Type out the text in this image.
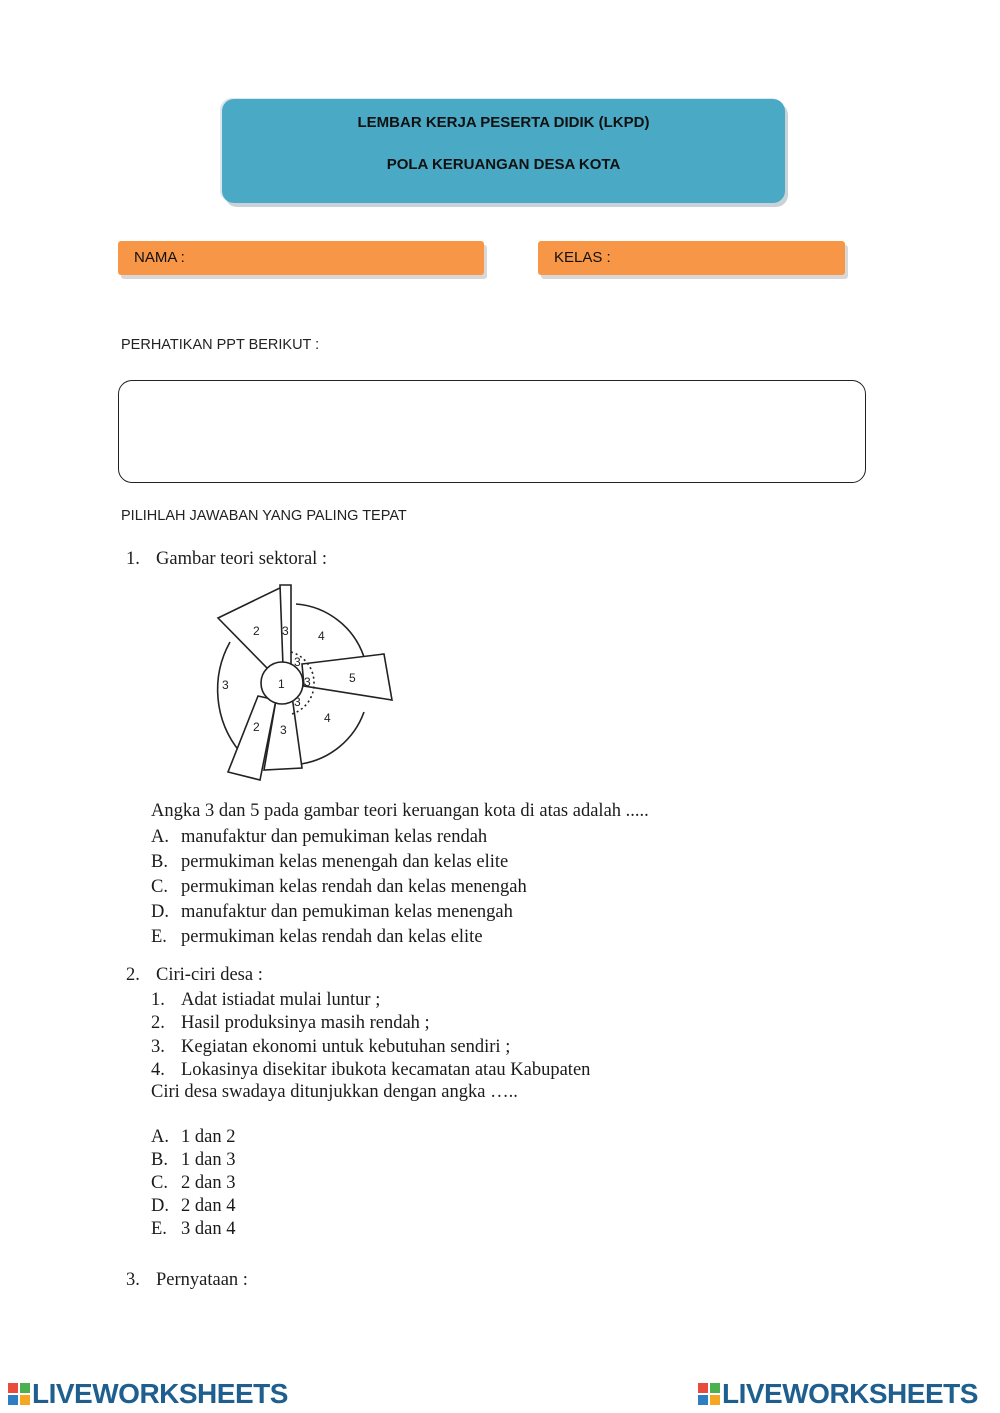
LEMBAR KERJA PESERTA DIDIK (LKPD)
POLA KERUANGAN DESA KOTA
NAMA :	KELAS :
PERHATIKAN PPT BERIKUT :
PILIHLAH JAWABAN YANG PALING TEPAT
1. Gambar teori sektoral :
1
2 3 4
3
3
3	5
3
4
2 3
Angka 3 dan 5 pada gambar teori keruangan kota di atas adalah .....
A. manufaktur dan pemukiman kelas rendah
B. permukiman kelas menengah dan kelas elite
C. permukiman kelas rendah dan kelas menengah
D. manufaktur dan pemukiman kelas menengah
E. permukiman kelas rendah dan kelas elite
2. Ciri-ciri desa :
1. Adat istiadat mulai luntur ;
2. Hasil produksinya masih rendah ;
3. Kegiatan ekonomi untuk kebutuhan sendiri ;
4. Lokasinya disekitar ibukota kecamatan atau Kabupaten
Ciri desa swadaya ditunjukkan dengan angka …..
A. 1 dan 2
B. 1 dan 3
C. 2 dan 3
D. 2 dan 4
E. 3 dan 4
3. Pernyataan :
LIVEWORKSHEETS	LIVEWORKSHEETS
